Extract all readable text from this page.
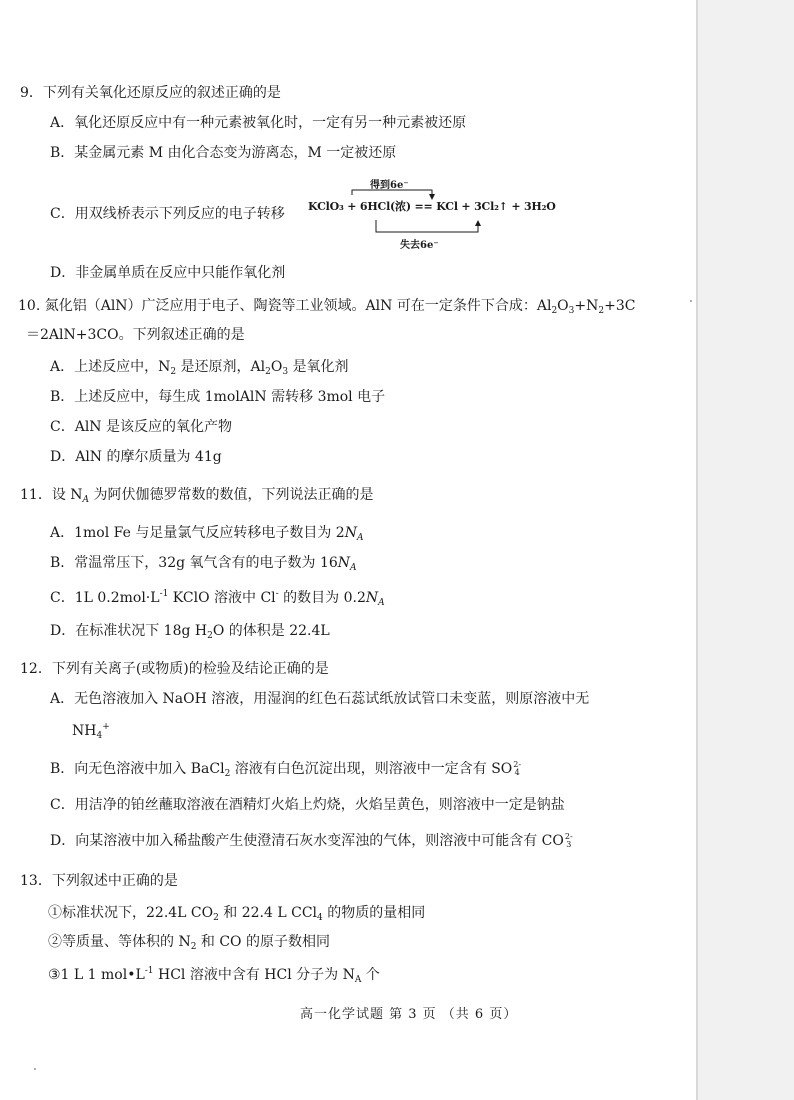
9．下列有关氧化还原反应的叙述正确的是
A．氧化还原反应中有一种元素被氧化时，一定有另一种元素被还原
B．某金属元素 M 由化合态变为游离态，M 一定被还原
C．用双线桥表示下列反应的电子转移
得到6e⁻
KClO₃ + 6HCl(浓) == KCl + 3Cl₂↑ + 3H₂O
失去6e⁻
D．非金属单质在反应中只能作氧化剂
10. 氮化铝（AlN）广泛应用于电子、陶瓷等工业领域。AlN 可在一定条件下合成：$Al_2O_3+N_2+3C$
＝2AlN+3CO。下列叙述正确的是
A．上述反应中，$N_2$ 是还原剂，$Al_2O_3$ 是氧化剂
B．上述反应中，每生成 1molAlN 需转移 3mol 电子
C．AlN 是该反应的氧化产物
D．AlN 的摩尔质量为 41g
11．设 $N_A$ 为阿伏伽德罗常数的数值，下列说法正确的是
A．1mol Fe 与足量氯气反应转移电子数目为 $2N_A$
B．常温常压下，32g 氧气含有的电子数为 $16N_A$
C．1L $0.2mol\cdot L^{-1}$ KClO 溶液中 Cl- 的数目为 $0.2N_A$
D．在标准状况下 18g $H_2O$ 的体积是 22.4L
12．下列有关离子(或物质)的检验及结论正确的是
A．无色溶液加入 NaOH 溶液，用湿润的红色石蕊试纸放试管口未变蓝，则原溶液中无
$NH_4^+$
B．向无色溶液中加入 BaCl$_2$ 溶液有白色沉淀出现，则溶液中一定含有 SO 2-
4
C．用洁净的铂丝蘸取溶液在酒精灯火焰上灼烧，火焰呈黄色，则溶液中一定是钠盐
D．向某溶液中加入稀盐酸产生使澄清石灰水变浑浊的气体，则溶液中可能含有 CO 2-
3
13．下列叙述中正确的是
①标准状况下，22.4L $CO_2$ 和 22.4 L CCl$_4$ 的物质的量相同
②等质量、等体积的 $N_2$ 和 CO 的原子数相同
③1 L 1 $mol•L^{-1}$ HCl 溶液中含有 HCl 分子为 $N_A$ 个
高一化学试题 第 3 页 （共 6 页）
